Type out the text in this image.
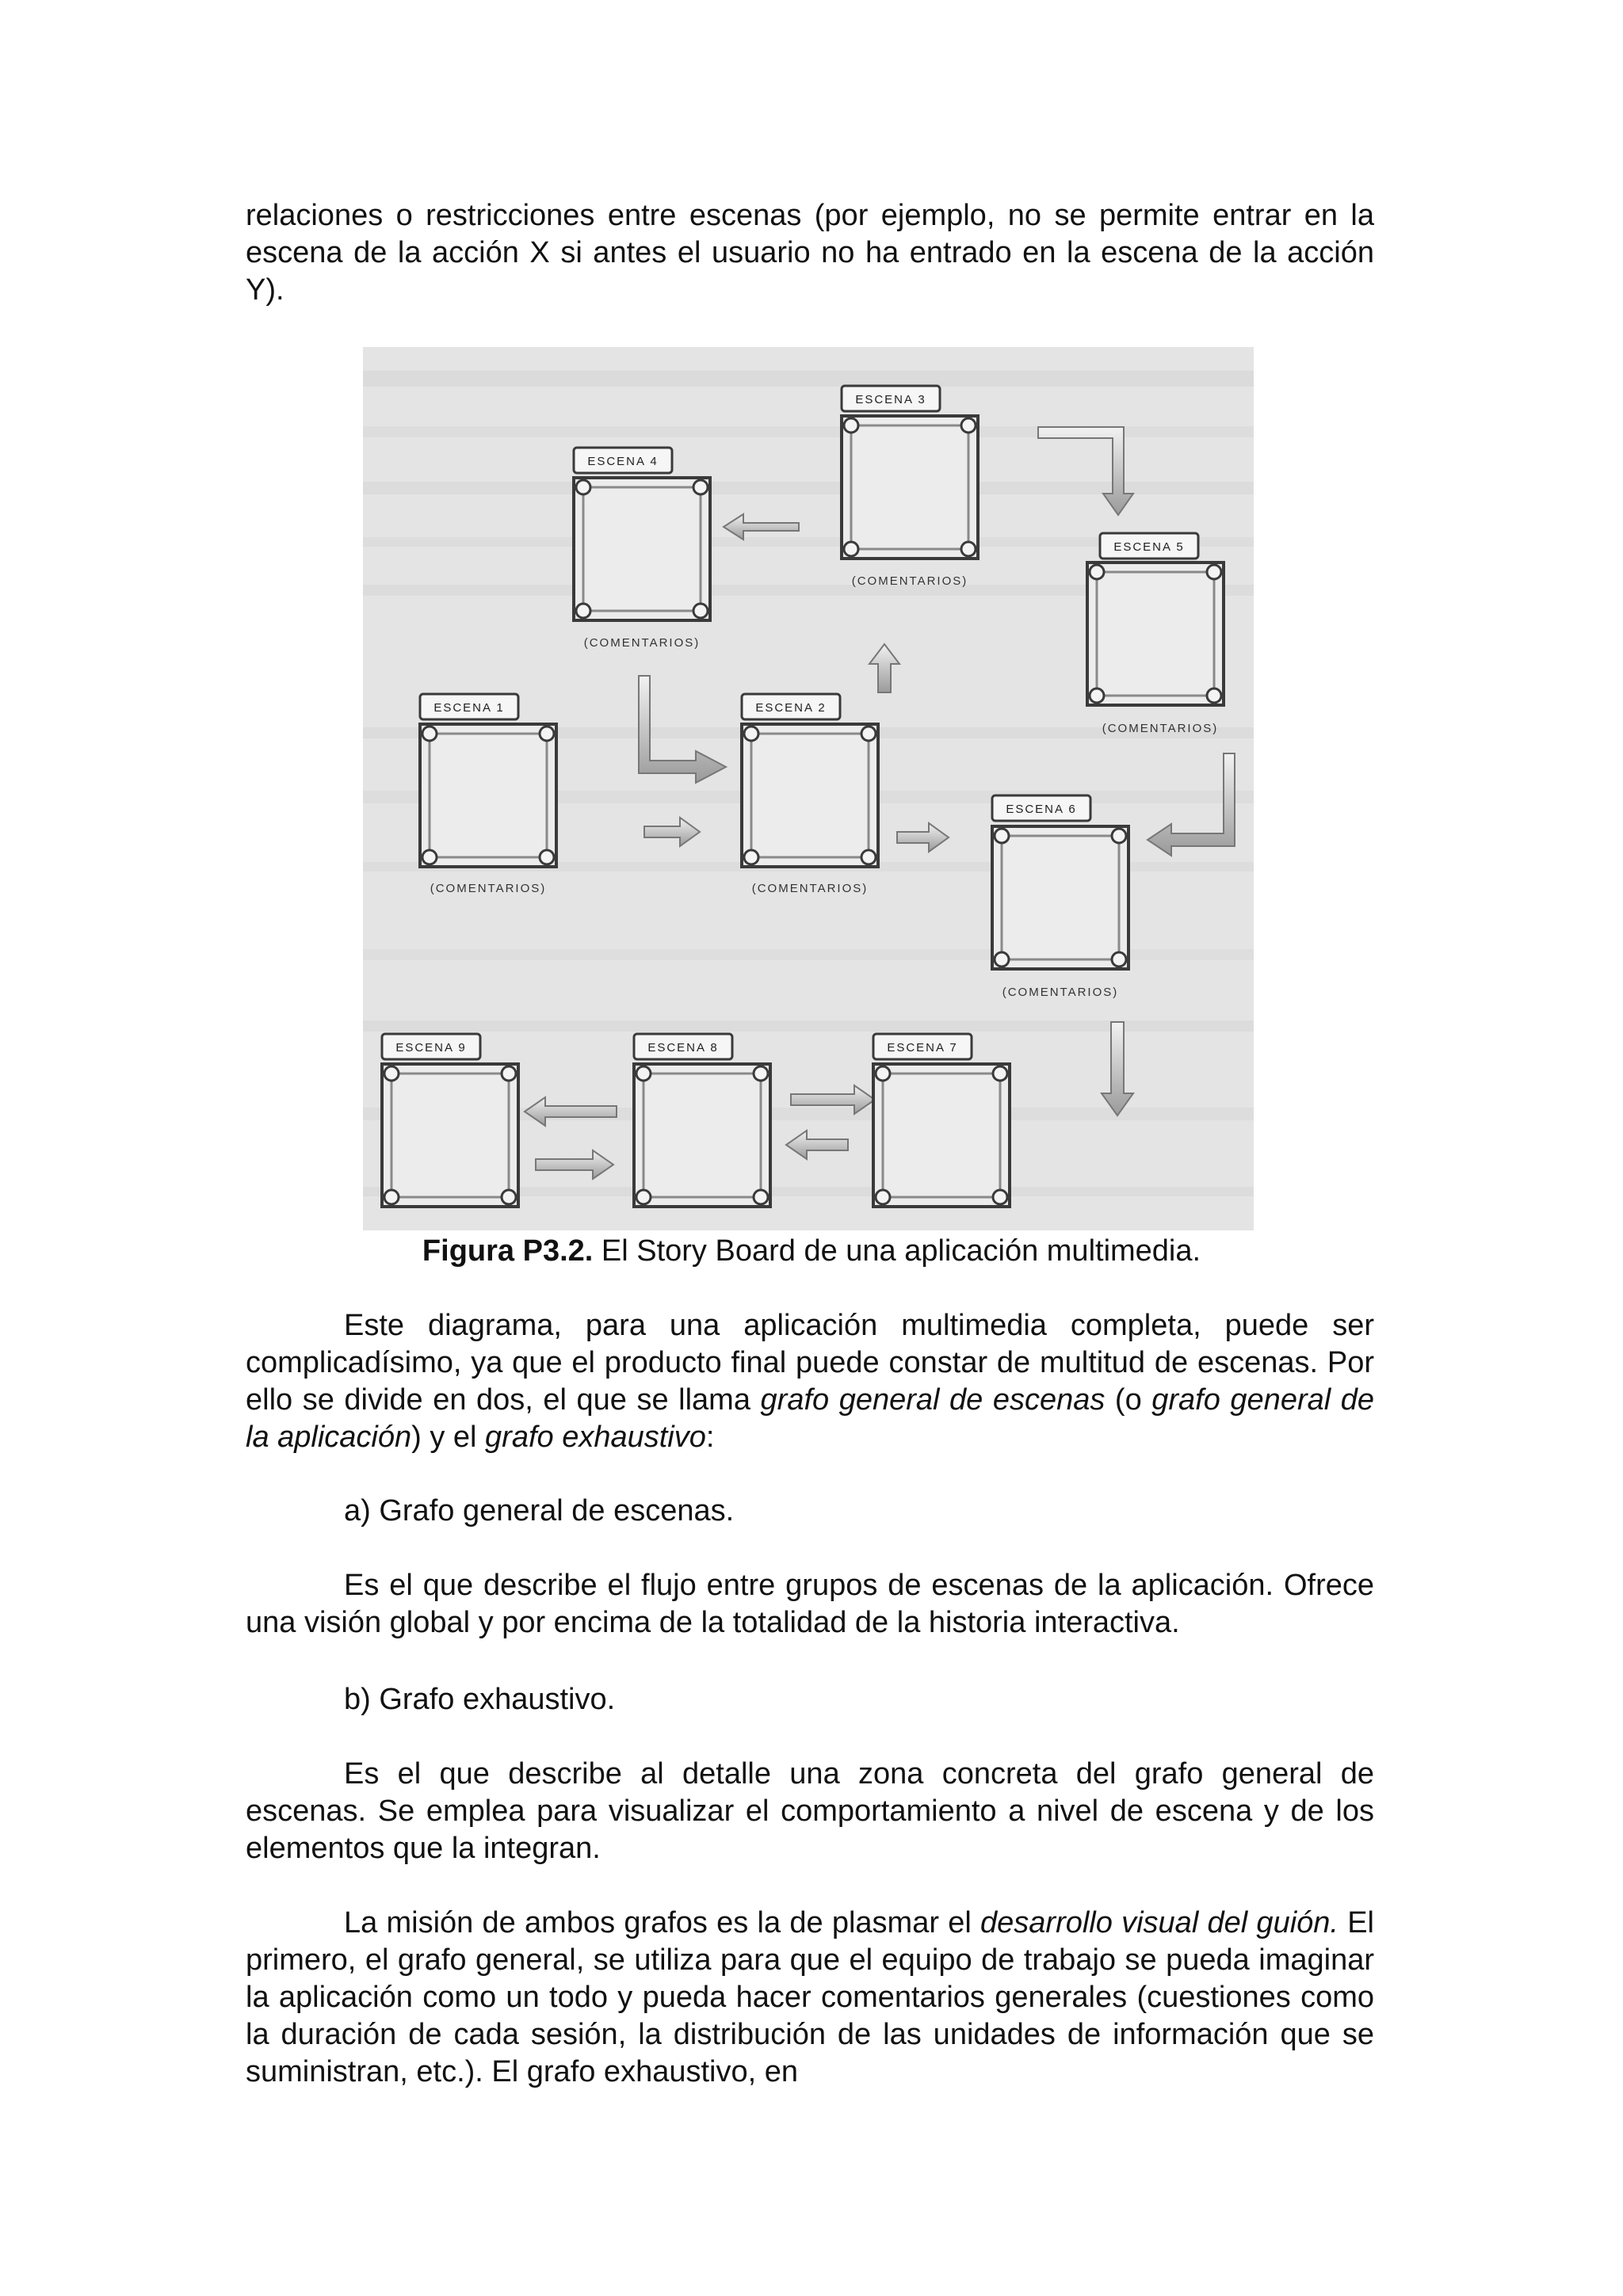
relaciones o restricciones entre escenas (por ejemplo, no se permite entrar en la escena de la acción X si antes el usuario no ha entrado en la escena de la acción Y).

ESCENA 1	ESCENA 2
ESCENA 3
ESCENA 4
ESCENA 5
ESCENA 6
ESCENA 7
ESCENA 8
ESCENA 9
(COMENTARIOS)	(COMENTARIOS)
(COMENTARIOS)
(COMENTARIOS)
(COMENTARIOS)
(COMENTARIOS)

Figura P3.2. El Story Board de una aplicación multimedia.

Este diagrama, para una aplicación multimedia completa, puede ser complicadísimo, ya que el producto final puede constar de multitud de escenas. Por ello se divide en dos, el que se llama grafo general de escenas (o grafo general de la aplicación) y el grafo exhaustivo:

a) Grafo general de escenas.

Es el que describe el flujo entre grupos de escenas de la aplicación. Ofrece una visión global y por encima de la totalidad de la historia interactiva.

b) Grafo exhaustivo.

Es el que describe al detalle una zona concreta del grafo general de escenas. Se emplea para visualizar el comportamiento a nivel de escena y de los elementos que la integran.

La misión de ambos grafos es la de plasmar el desarrollo visual del guión. El primero, el grafo general, se utiliza para que el equipo de trabajo se pueda imaginar la aplicación como un todo y pueda hacer comentarios generales (cuestiones como la duración de cada sesión, la distribución de las unidades de información que se suministran, etc.). El grafo exhaustivo, en
